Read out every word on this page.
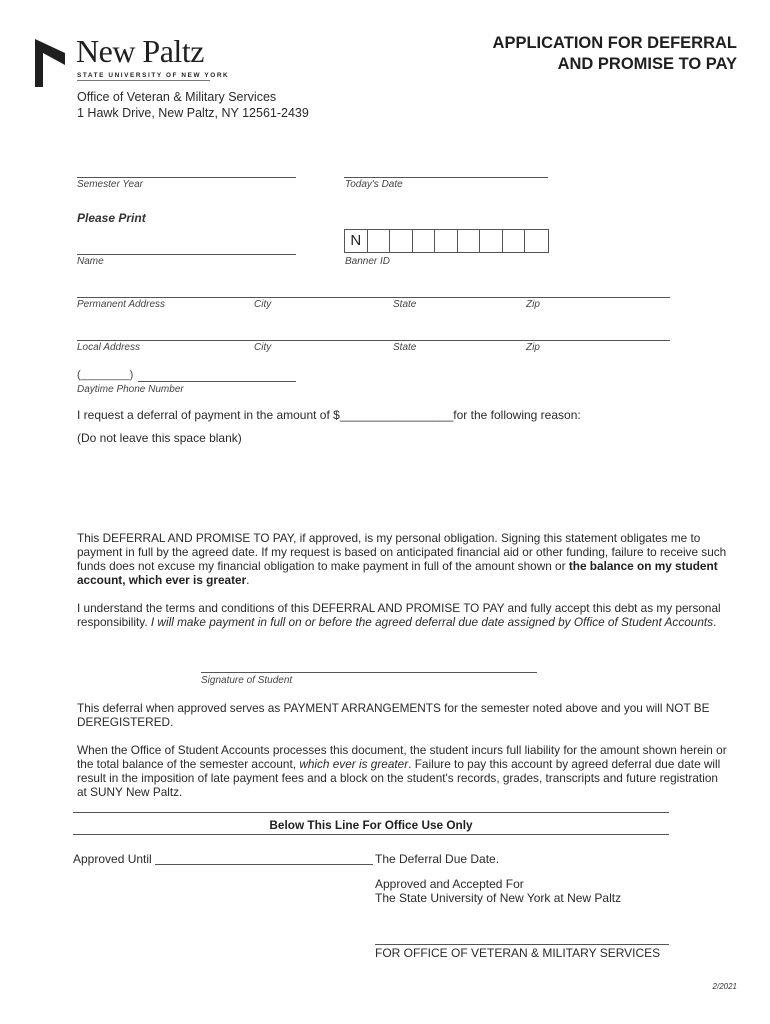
New Paltz
STATE UNIVERSITY OF NEW YORK
APPLICATION FOR DEFERRAL
AND PROMISE TO PAY
Office of Veteran & Military Services
1 Hawk Drive, New Paltz, NY 12561-2439
Semester Year	Today's Date
Please Print
Name
N
Banner ID
Permanent Address	City	State	Zip
Local Address	City	State	Zip
(________)
Daytime Phone Number
I request a deferral of payment in the amount of $_________________for the following reason:
(Do not leave this space blank)
This DEFERRAL AND PROMISE TO PAY, if approved, is my personal obligation. Signing this statement obligates me to payment in full by the agreed date. If my request is based on anticipated financial aid or other funding, failure to receive such funds does not excuse my financial obligation to make payment in full of the amount shown or the balance on my student account, which ever is greater.
I understand the terms and conditions of this DEFERRAL AND PROMISE TO PAY and fully accept this debt as my personal responsibility. I will make payment in full on or before the agreed deferral due date assigned by Office of Student Accounts.
Signature of Student
This deferral when approved serves as PAYMENT ARRANGEMENTS for the semester noted above and you will NOT BE DEREGISTERED.
When the Office of Student Accounts processes this document, the student incurs full liability for the amount shown herein or the total balance of the semester account, which ever is greater. Failure to pay this account by agreed deferral due date will result in the imposition of late payment fees and a block on the student's records, grades, transcripts and future registration at SUNY New Paltz.
Below This Line For Office Use Only
Approved Until	The Deferral Due Date.
Approved and Accepted For
The State University of New York at New Paltz
FOR OFFICE OF VETERAN & MILITARY SERVICES
2/2021
